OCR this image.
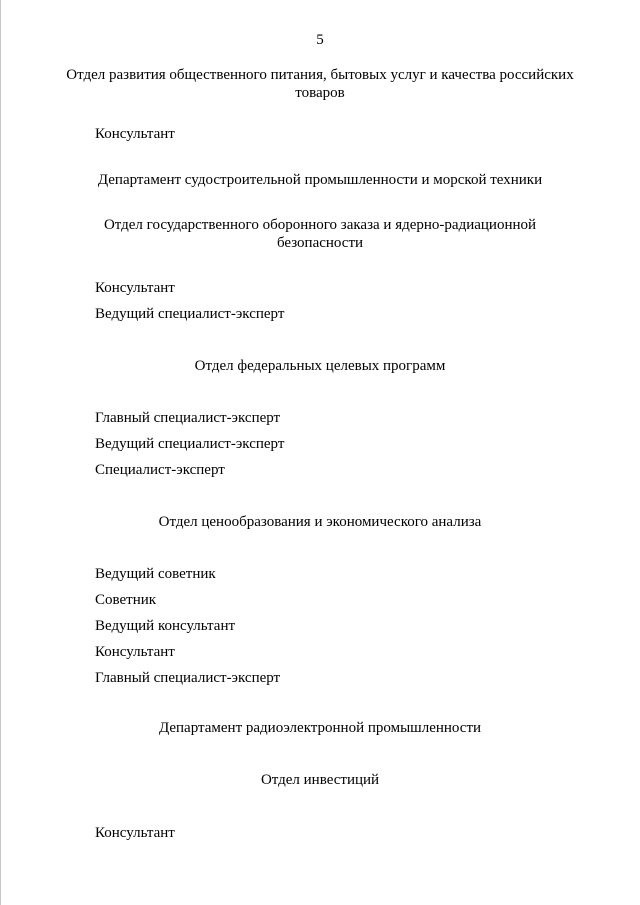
5
Отдел развития общественного питания, бытовых услуг и качества российских
товаров
Консультант
Департамент судостроительной промышленности и морской техники
Отдел государственного оборонного заказа и ядерно-радиационной
безопасности
Консультант
Ведущий специалист-эксперт
Отдел федеральных целевых программ
Главный специалист-эксперт
Ведущий специалист-эксперт
Специалист-эксперт
Отдел ценообразования и экономического анализа
Ведущий советник
Советник
Ведущий консультант
Консультант
Главный специалист-эксперт
Департамент радиоэлектронной промышленности
Отдел инвестиций
Консультант
